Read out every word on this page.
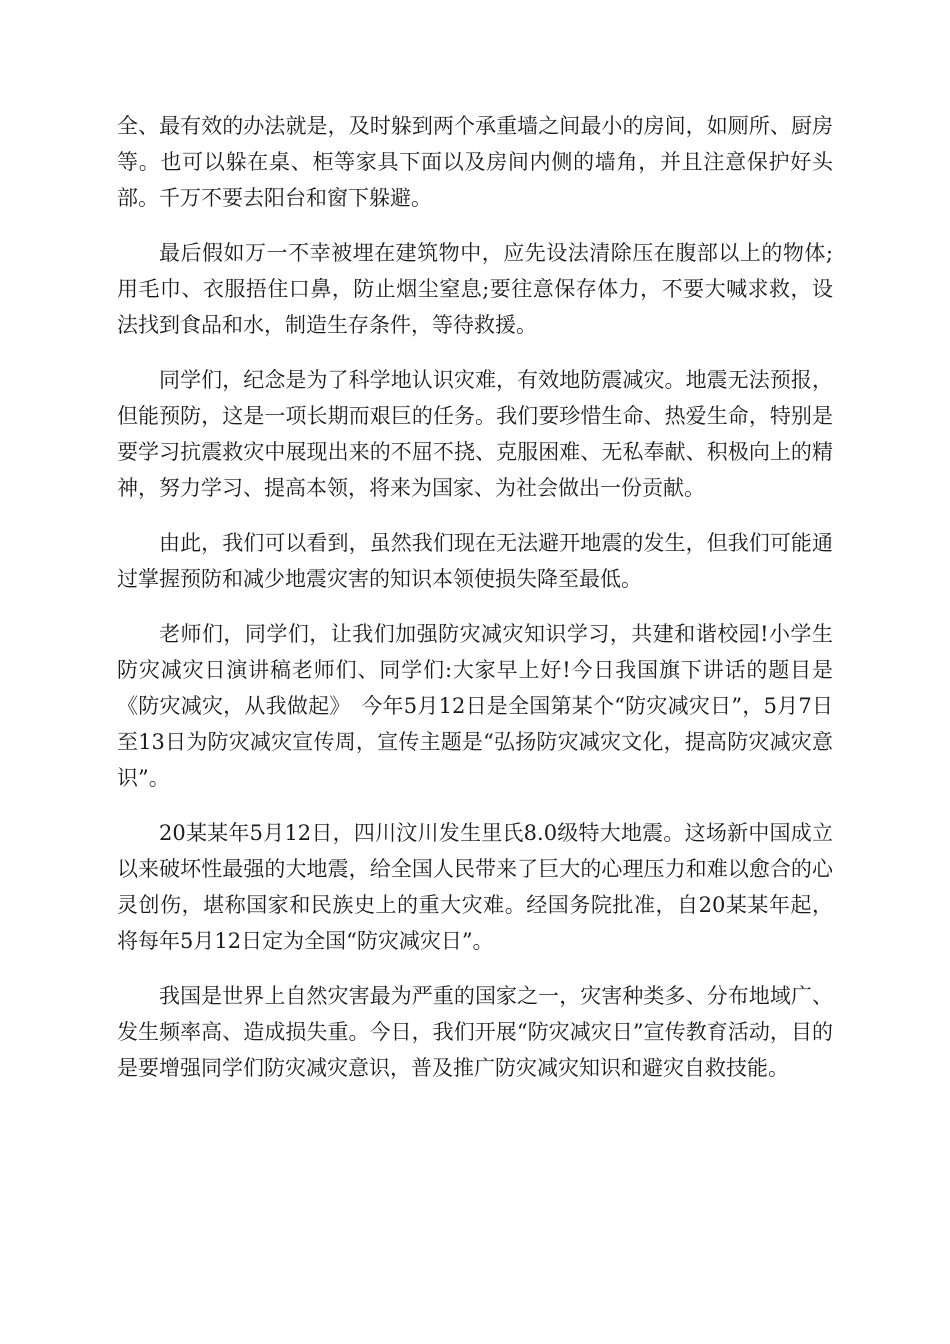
全、最有效的办法就是，及时躲到两个承重墙之间最小的房间，如厕所、厨房等。也可以躲在桌、柜等家具下面以及房间内侧的墙角，并且注意保护好头部。千万不要去阳台和窗下躲避。

最后假如万一不幸被埋在建筑物中，应先设法清除压在腹部以上的物体;用毛巾、衣服捂住口鼻，防止烟尘窒息;要往意保存体力，不要大喊求救，设法找到食品和水，制造生存条件，等待救援。

同学们，纪念是为了科学地认识灾难，有效地防震减灾。地震无法预报，但能预防，这是一项长期而艰巨的任务。我们要珍惜生命、热爱生命，特别是要学习抗震救灾中展现出来的不屈不挠、克服困难、无私奉献、积极向上的精神，努力学习、提高本领，将来为国家、为社会做出一份贡献。

由此，我们可以看到，虽然我们现在无法避开地震的发生，但我们可能通过掌握预防和减少地震灾害的知识本领使损失降至最低。

老师们，同学们，让我们加强防灾减灾知识学习，共建和谐校园!小学生防灾减灾日演讲稿老师们、同学们:大家早上好!今日我国旗下讲话的题目是《防灾减灾，从我做起》　今年5月12日是全国第某个“防灾减灾日”，5月7日至13日为防灾减灾宣传周，宣传主题是“弘扬防灾减灾文化，提高防灾减灾意识”。

20某某年5月12日，四川汶川发生里氏8.0级特大地震。这场新中国成立以来破坏性最强的大地震，给全国人民带来了巨大的心理压力和难以愈合的心灵创伤，堪称国家和民族史上的重大灾难。经国务院批准，自20某某年起，将每年5月12日定为全国“防灾减灾日”。

我国是世界上自然灾害最为严重的国家之一，灾害种类多、分布地域广、发生频率高、造成损失重。今日，我们开展“防灾减灾日”宣传教育活动，目的是要增强同学们防灾减灾意识，普及推广防灾减灾知识和避灾自救技能。
